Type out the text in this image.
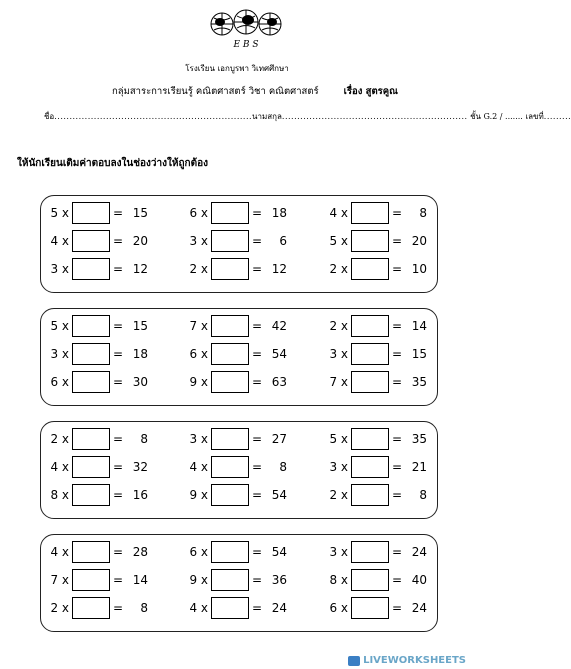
E B S
โรงเรียน เอกบูรพา วิเทศศึกษา
กลุ่มสาระการเรียนรู้ คณิตศาสตร์ วิชา คณิตศาสตร์	เรื่อง สูตรคูณ
ชื่อ.................................................................นามสกุล............................................................. ชั้น G.2 / ....... เลขที่.........
ให้นักเรียนเติมค่าตอบลงในช่องว่างให้ถูกต้อง
5 x	= 15	6 x	= 18	4 x	=	8
4 x	= 20	3 x	=	6	5 x	= 20
3 x	= 12	2 x	= 12	2 x	= 10
5 x	= 15	7 x	= 42	2 x	= 14
3 x	= 18	6 x	= 54	3 x	= 15
6 x	= 30	9 x	= 63	7 x	= 35
2 x	=	8	3 x	= 27	5 x	= 35
4 x	= 32	4 x	=	8	3 x	= 21
8 x	= 16	9 x	= 54	2 x	=	8
4 x	= 28	6 x	= 54	3 x	= 24
7 x	= 14	9 x	= 36	8 x	= 40
2 x	=	8	4 x	= 24	6 x	= 24
LIVEWORKSHEETS
